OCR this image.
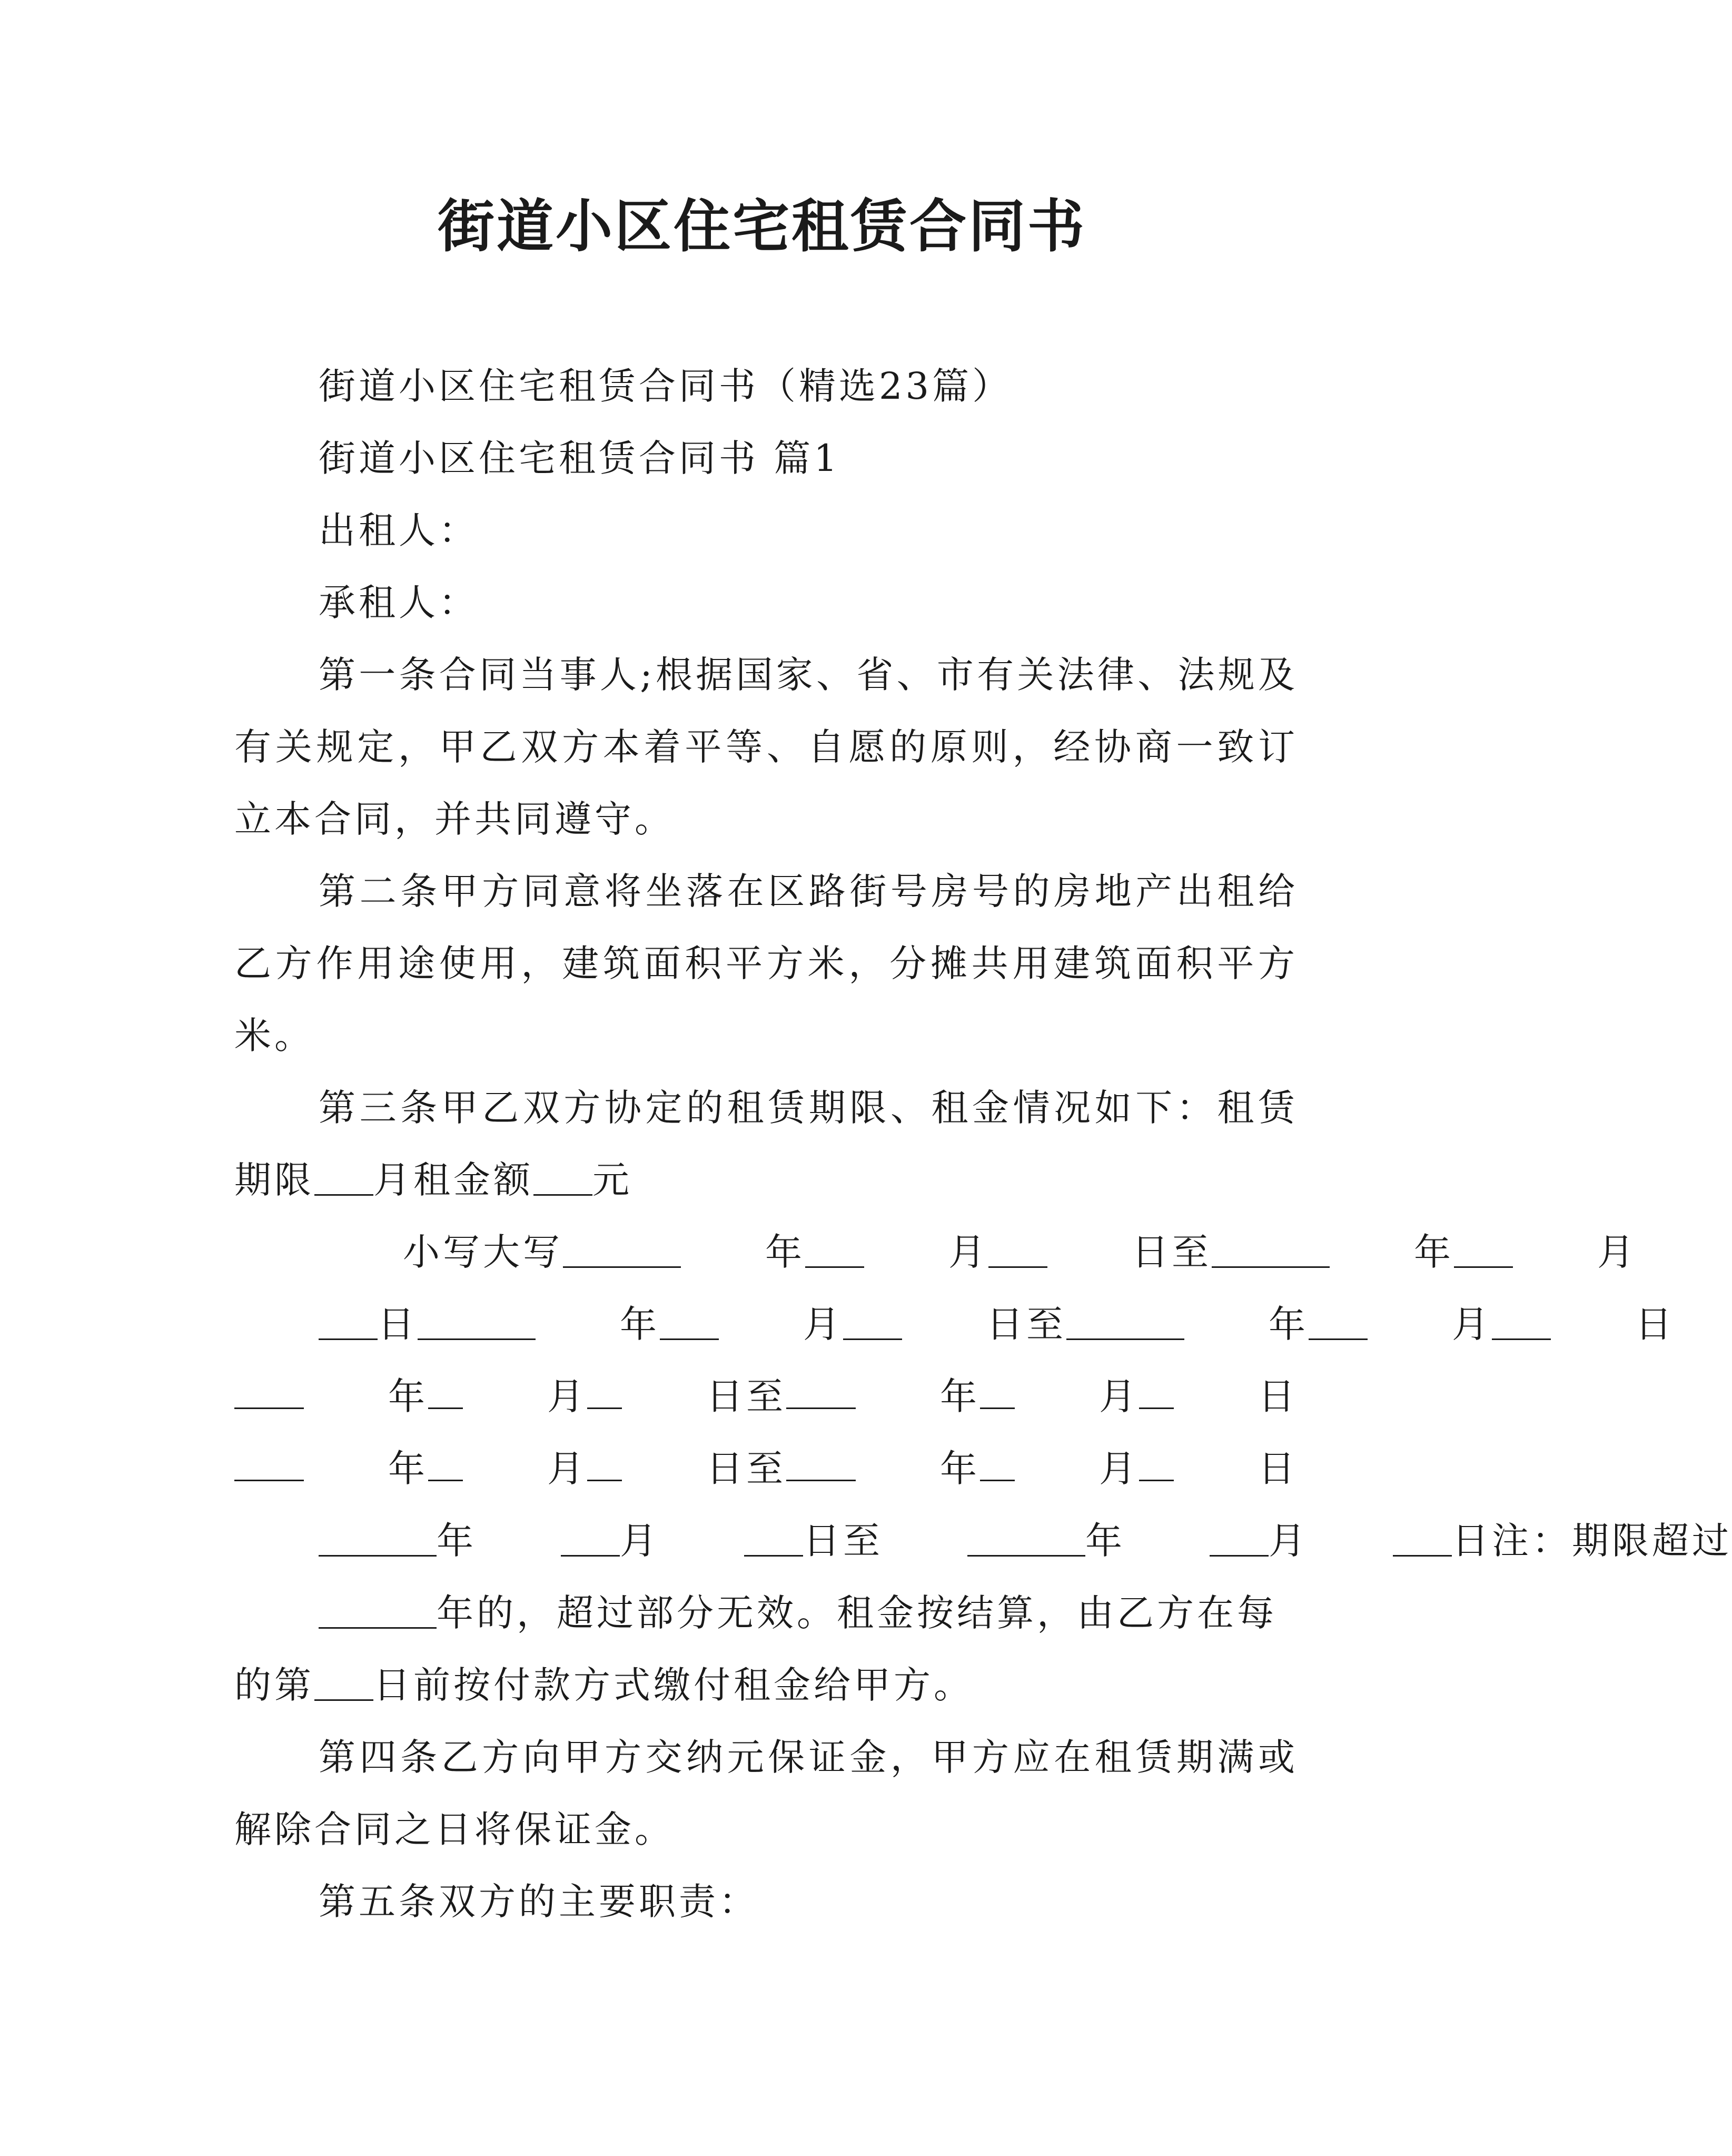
街道小区住宅租赁合同书

街道小区住宅租赁合同书（精选23篇）

街道小区住宅租赁合同书 篇1

出租人：

承租人：

第一条合同当事人;根据国家、省、市有关法律、法规及有关规定，甲乙双方本着平等、自愿的原则，经协商一致订立本合同，并共同遵守。

第二条甲方同意将坐落在区路街号房号的房地产出租给乙方作用途使用，建筑面积平方米，分摊共用建筑面积平方米。

第三条甲乙双方协定的租赁期限、租金情况如下：租赁期限 月租金额 元

小写大写	年	月	日至	年	月
日	年	月	日至	年	月	日
年	月	日至	年	月	日
年	月	日至	年	月	日
年	月	日至	年	月	日注：期限超过

年的，超过部分无效。租金按结算，由乙方在每的第 日前按付款方式缴付租金给甲方。

第四条乙方向甲方交纳元保证金，甲方应在租赁期满或解除合同之日将保证金。

第五条双方的主要职责：
